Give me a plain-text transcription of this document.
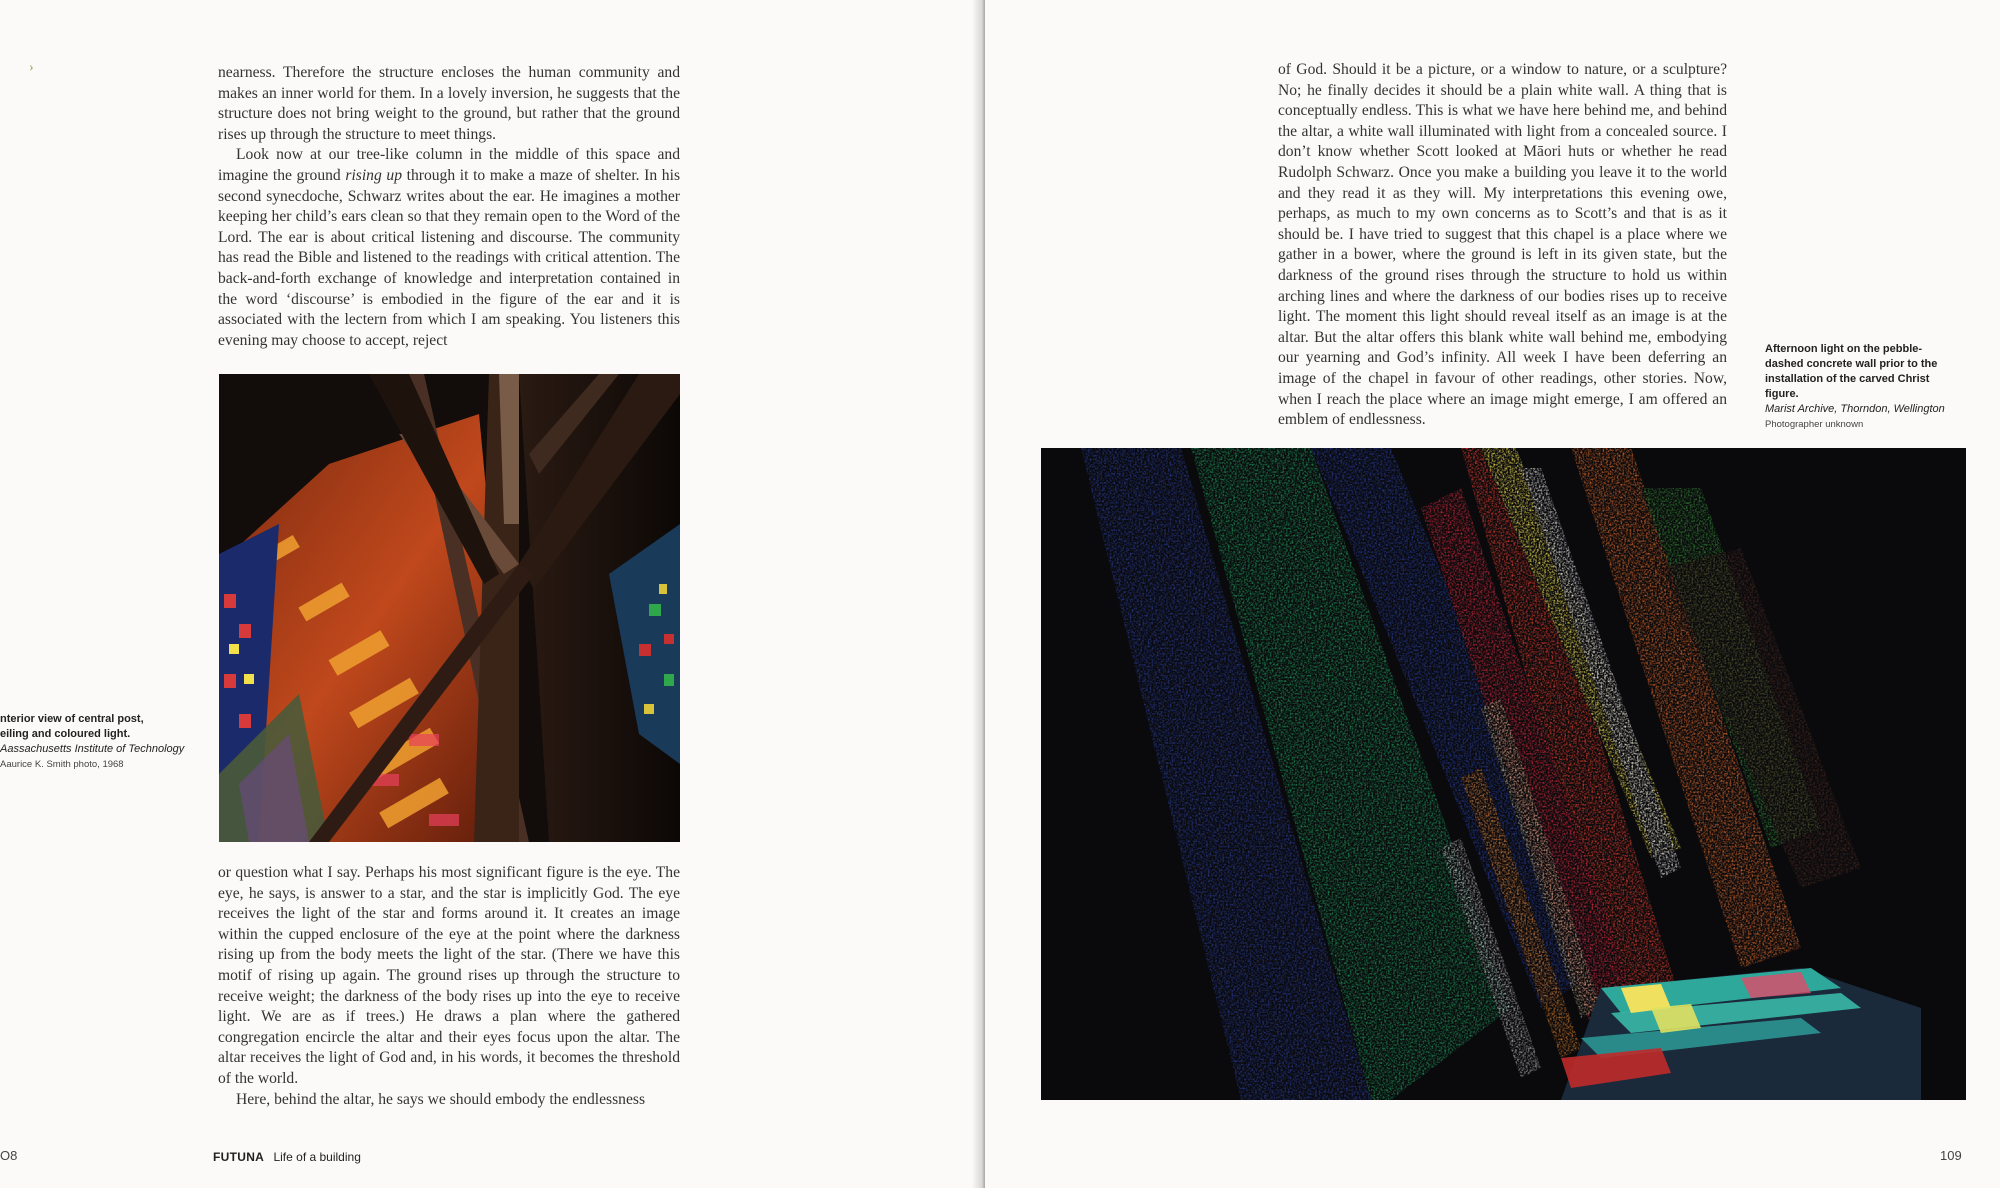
›	nearness. Therefore the structure encloses the human community and makes an inner world for them. In a lovely inversion, he suggests that the structure does not bring weight to the ground, but rather that the ground rises up through the structure to meet things.

Look now at our tree-like column in the middle of this space and imagine the ground rising up through it to make a maze of shelter. In his second synecdoche, Schwarz writes about the ear. He imagines a mother keeping her child’s ears clean so that they remain open to the Word of the Lord. The ear is about critical listening and discourse. The community has read the Bible and listened to the readings with critical attention. The back-and-forth exchange of knowledge and interpretation contained in the word ‘discourse’ is embodied in the figure of the ear and it is associated with the lectern from which I am speaking. You listeners this evening may choose to accept, reject

nterior view of central post,
eiling and coloured light.
Aassachusetts Institute of Technology
Aaurice K. Smith photo, 1968

or question what I say. Perhaps his most significant figure is the eye. The eye, he says, is answer to a star, and the star is implicitly God. The eye receives the light of the star and forms around it. It creates an image within the cupped enclosure of the eye at the point where the darkness rising up from the body meets the light of the star. (There we have this motif of rising up again. The ground rises up through the structure to receive weight; the darkness of the body rises up into the eye to receive light. We are as if trees.) He draws a plan where the gathered congregation encircle the altar and their eyes focus upon the altar. The altar receives the light of God and, in his words, it becomes the threshold of the world.

Here, behind the altar, he says we should embody the endlessness

O8	FUTUNA Life of a building

of God. Should it be a picture, or a window to nature, or a sculpture? No; he finally decides it should be a plain white wall. A thing that is conceptually endless. This is what we have here behind me, and behind the altar, a white wall illuminated with light from a concealed source. I don’t know whether Scott looked at Māori huts or whether he read Rudolph Schwarz. Once you make a building you leave it to the world and they read it as they will. My interpretations this evening owe, perhaps, as much to my own concerns as to Scott’s and that is as it should be. I have tried to suggest that this chapel is a place where we gather in a bower, where the ground is left in its given state, but the darkness of the ground rises through the structure to hold us within arching lines and where the darkness of our bodies rises up to receive light. The moment this light should reveal itself as an image is at the altar. But the altar offers this blank white wall behind me, embodying our yearning and God’s infinity. All week I have been deferring an image of the chapel in favour of other readings, other stories. Now, when I reach the place where an image might emerge, I am offered an emblem of endlessness.

Afternoon light on the pebble-
dashed concrete wall prior to the
installation of the carved Christ
figure.
Marist Archive, Thorndon, Wellington
Photographer unknown
109
